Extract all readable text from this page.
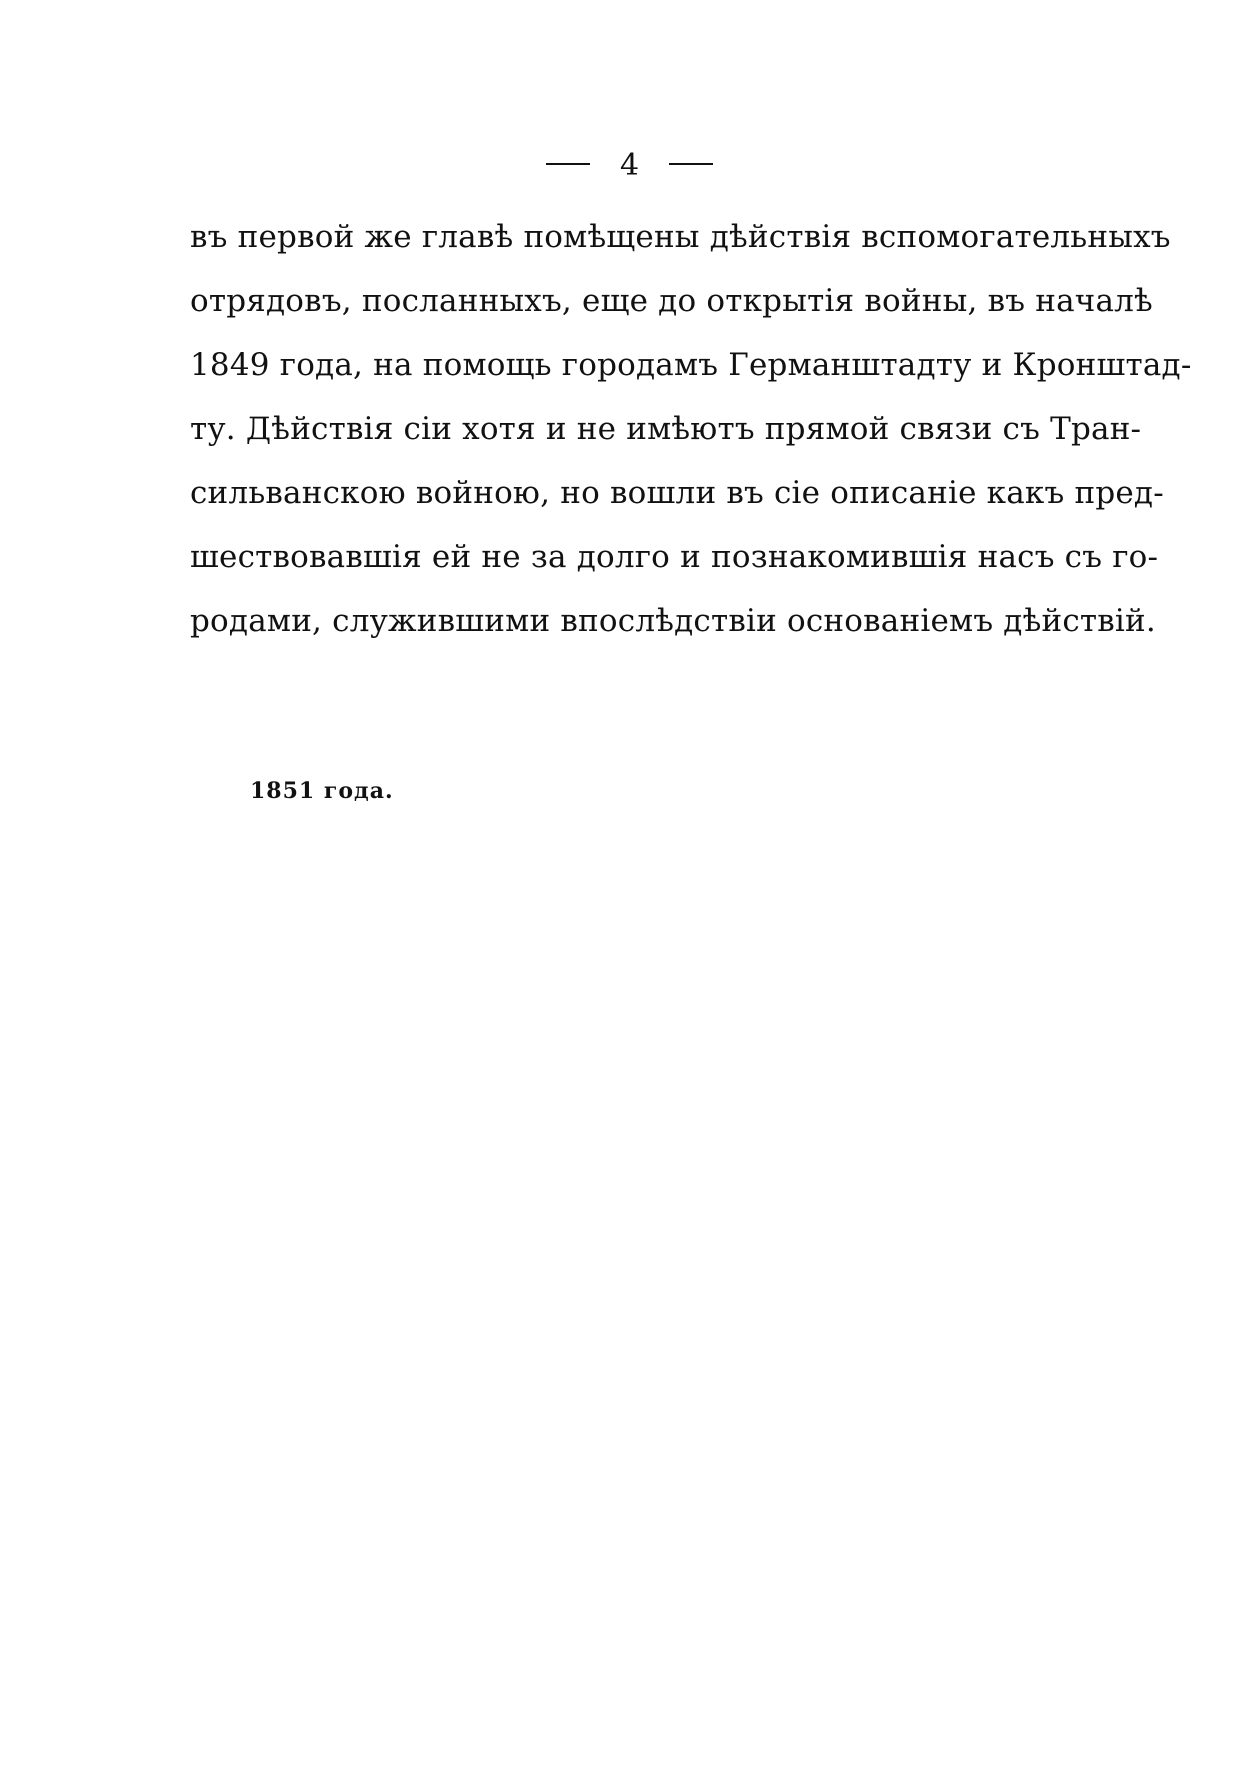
4
въ первой же главѣ помѣщены дѣйствія вспомогательныхъ
отрядовъ, посланныхъ, еще до открытія войны, въ началѣ
1849 года, на помощь городамъ Германштадту и Кронштад-
ту. Дѣйствія сіи хотя и не имѣютъ прямой связи съ Тран-
сильванскою войною, но вошли въ сіе описаніе какъ пред-
шествовавшія ей не за долго и познакомившія насъ съ го-
родами, служившими впослѣдствіи основаніемъ дѣйствій.
1851 года.
